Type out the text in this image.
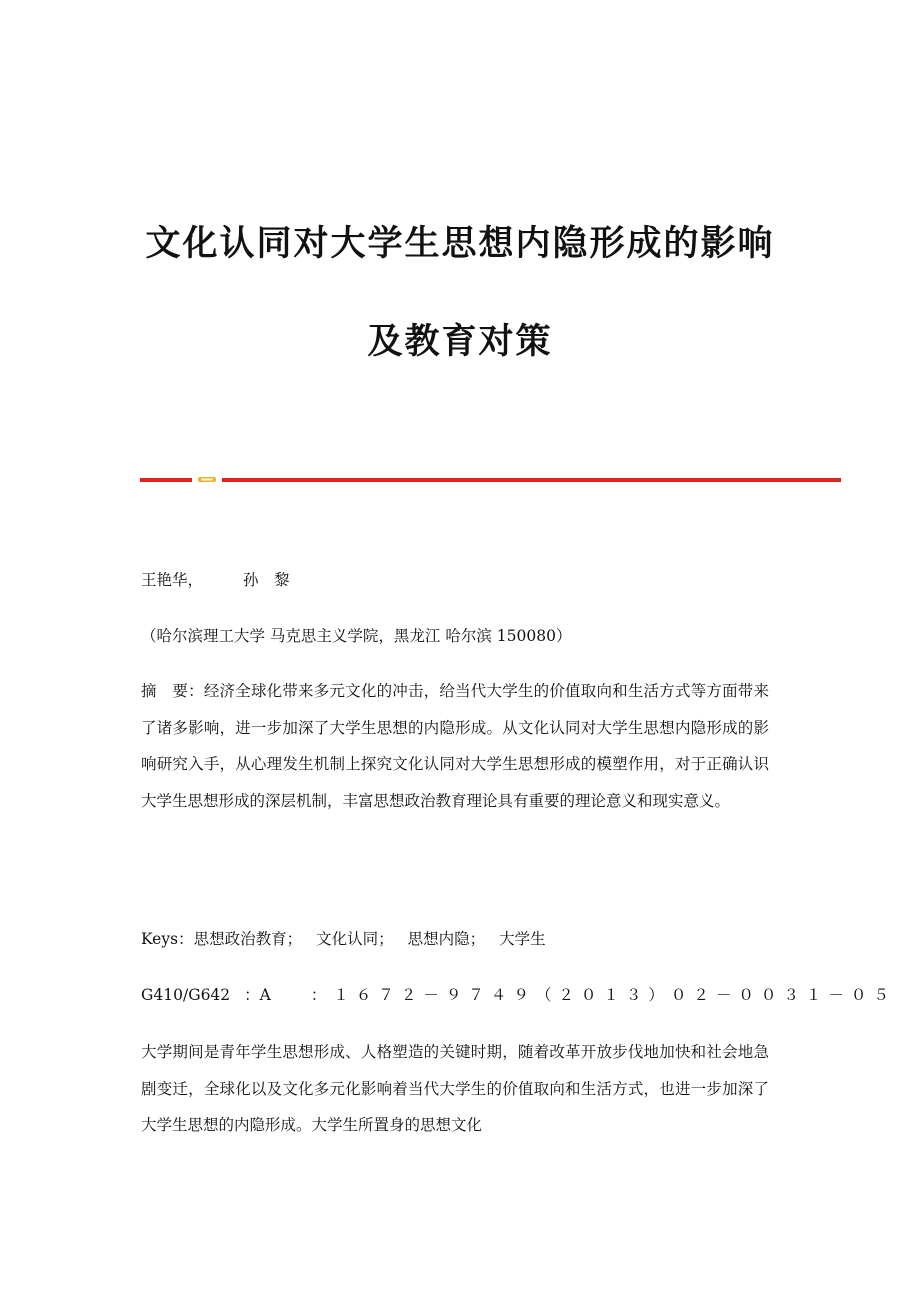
文化认同对大学生思想内隐形成的影响
及教育对策
王艳华，	孙　黎
（哈尔滨理工大学 马克思主义学院，黑龙江 哈尔滨 150080）
摘　要：经济全球化带来多元文化的冲击，给当代大学生的价值取向和生活方式等方面带来了诸多影响，进一步加深了大学生思想的内隐形成。从文化认同对大学生思想内隐形成的影响研究入手，从心理发生机制上探究文化认同对大学生思想形成的模塑作用，对于正确认识大学生思想形成的深层机制，丰富思想政治教育理论具有重要的理论意义和现实意义。
Keys：思想政治教育； 文化认同； 思想内隐； 大学生
G410/G642 ：A	：１６７２－９７４９（２０１３）０２－００３１－０５
大学期间是青年学生思想形成、人格塑造的关键时期，随着改革开放步伐地加快和社会地急剧变迁，全球化以及文化多元化影响着当代大学生的价值取向和生活方式，也进一步加深了大学生思想的内隐形成。大学生所置身的思想文化
